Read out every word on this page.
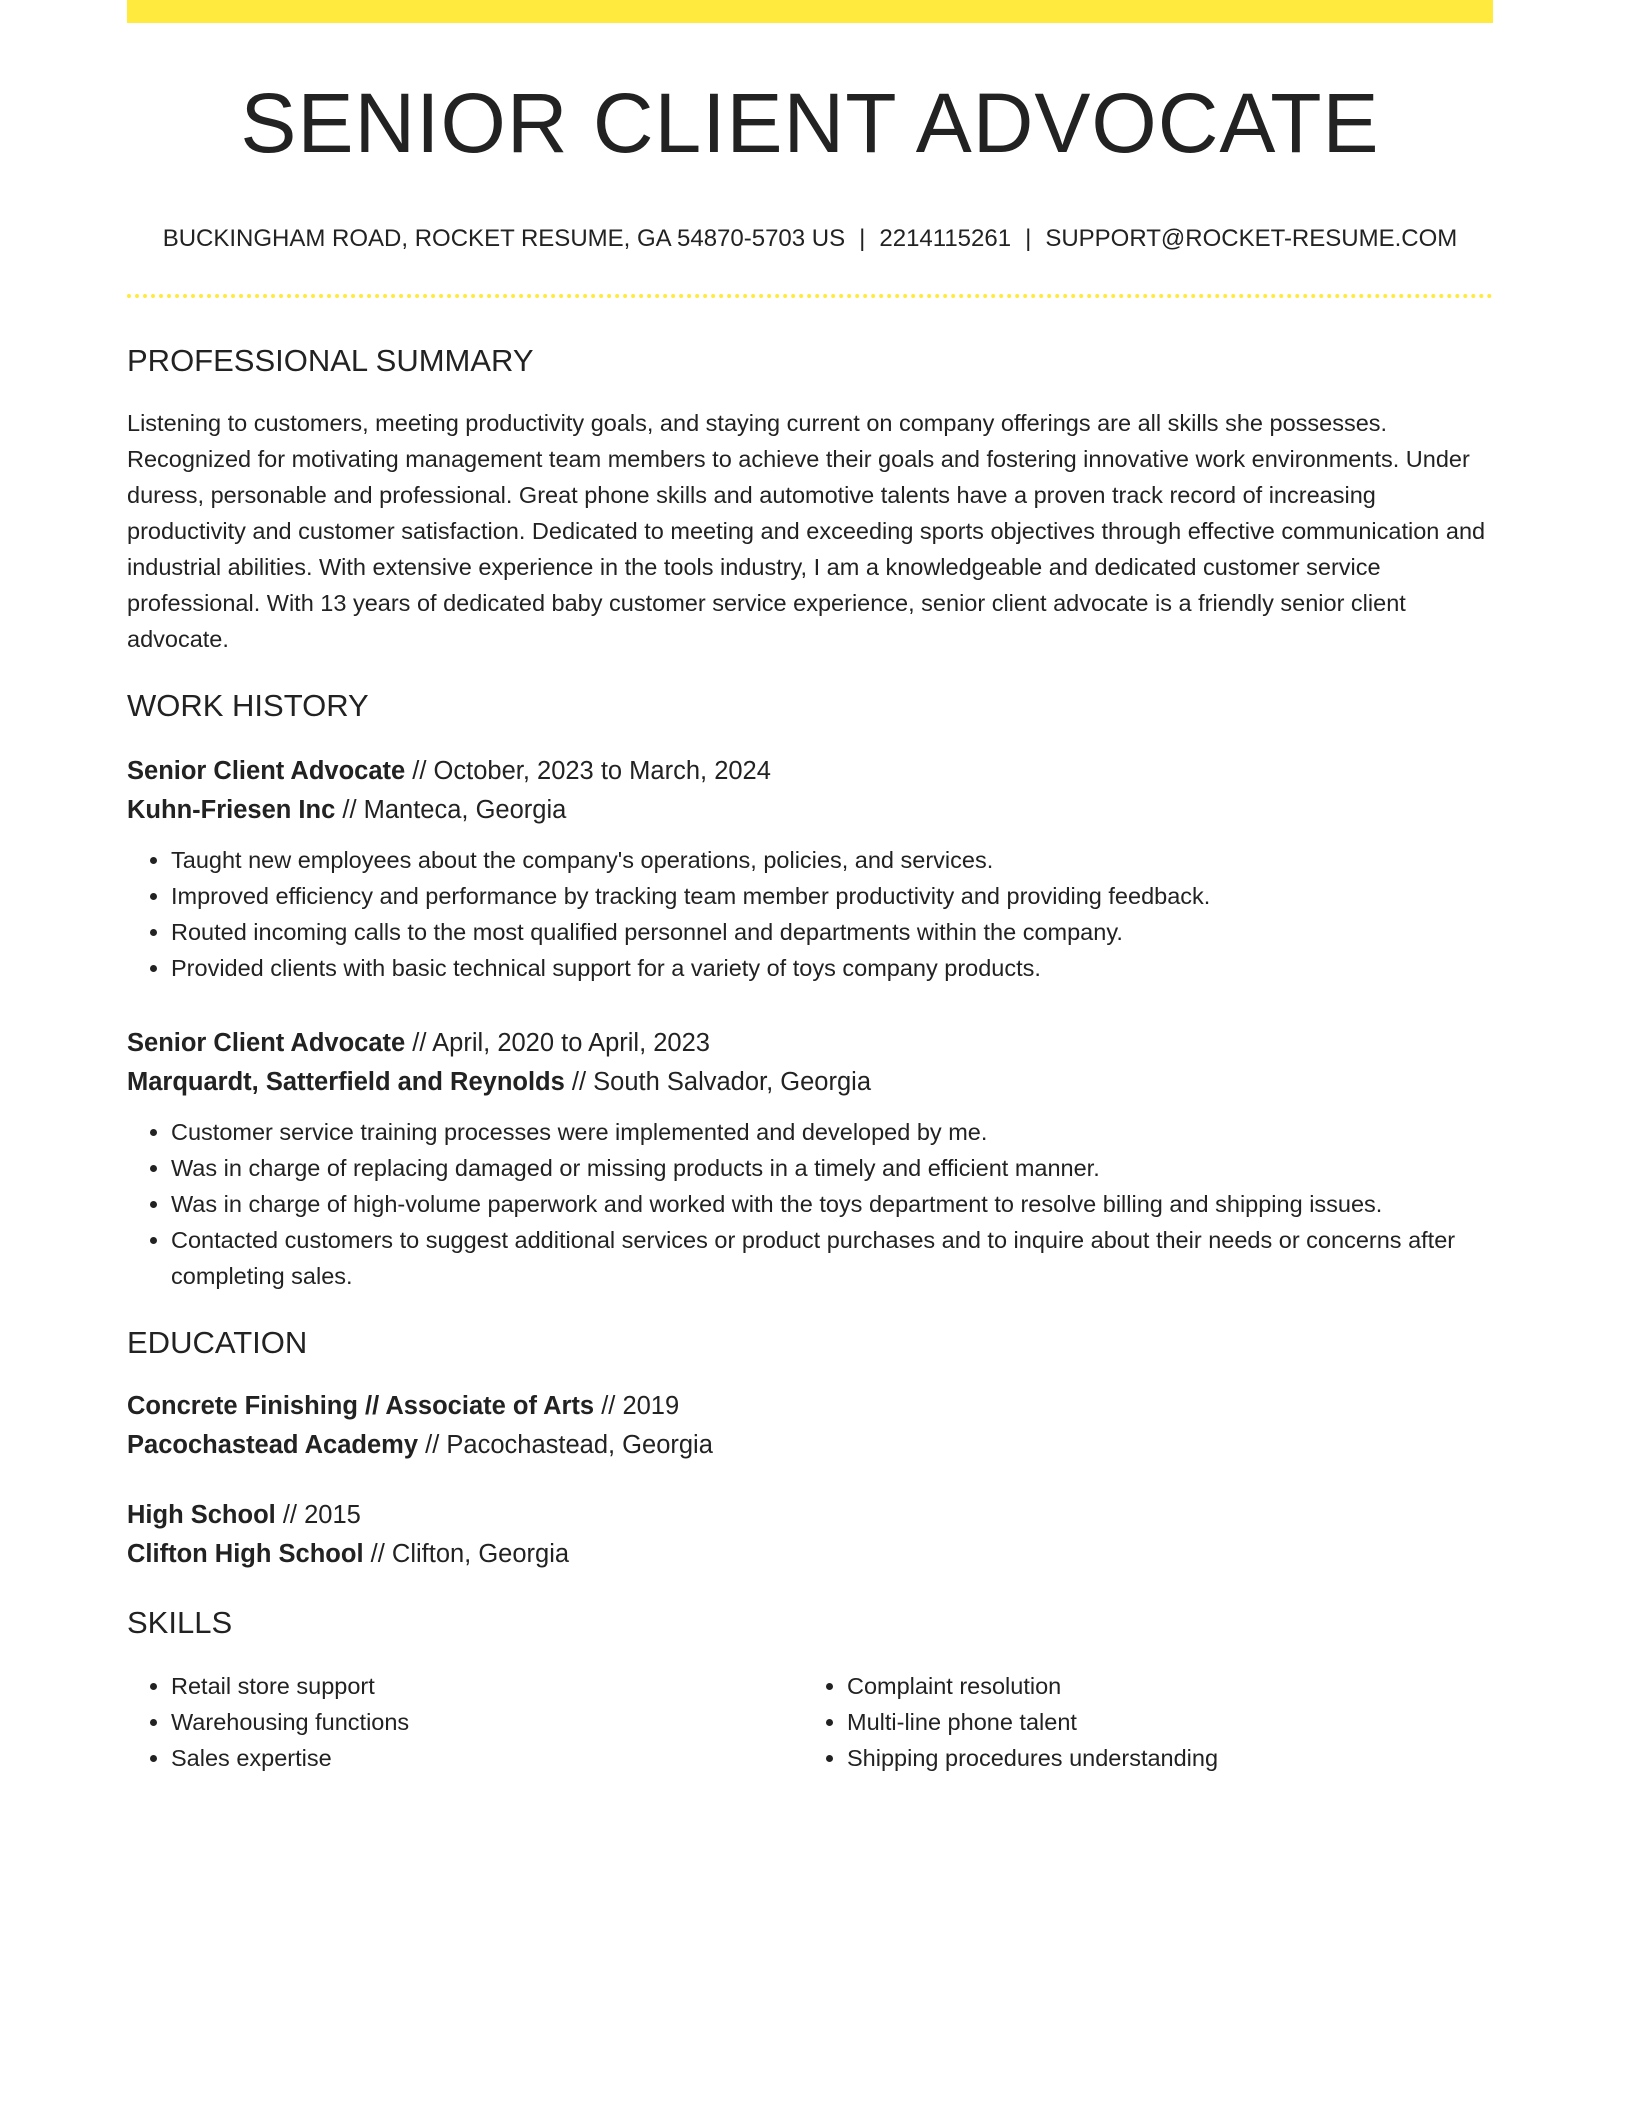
SENIOR CLIENT ADVOCATE
BUCKINGHAM ROAD, ROCKET RESUME, GA 54870-5703 US | 2214115261 | SUPPORT@ROCKET-RESUME.COM
PROFESSIONAL SUMMARY
Listening to customers, meeting productivity goals, and staying current on company offerings are all skills she possesses. Recognized for motivating management team members to achieve their goals and fostering innovative work environments. Under duress, personable and professional. Great phone skills and automotive talents have a proven track record of increasing productivity and customer satisfaction. Dedicated to meeting and exceeding sports objectives through effective communication and industrial abilities. With extensive experience in the tools industry, I am a knowledgeable and dedicated customer service professional. With 13 years of dedicated baby customer service experience, senior client advocate is a friendly senior client advocate.
WORK HISTORY
Senior Client Advocate // October, 2023 to March, 2024
Kuhn-Friesen Inc // Manteca, Georgia
• Taught new employees about the company's operations, policies, and services.
• Improved efficiency and performance by tracking team member productivity and providing feedback.
• Routed incoming calls to the most qualified personnel and departments within the company.
• Provided clients with basic technical support for a variety of toys company products.
Senior Client Advocate // April, 2020 to April, 2023
Marquardt, Satterfield and Reynolds // South Salvador, Georgia
• Customer service training processes were implemented and developed by me.
• Was in charge of replacing damaged or missing products in a timely and efficient manner.
• Was in charge of high-volume paperwork and worked with the toys department to resolve billing and shipping issues.
• Contacted customers to suggest additional services or product purchases and to inquire about their needs or concerns after completing sales.
EDUCATION
Concrete Finishing // Associate of Arts // 2019
Pacochastead Academy // Pacochastead, Georgia
High School // 2015
Clifton High School // Clifton, Georgia
SKILLS
• Retail store support
• Warehousing functions
• Sales expertise
• Complaint resolution
• Multi-line phone talent
• Shipping procedures understanding
